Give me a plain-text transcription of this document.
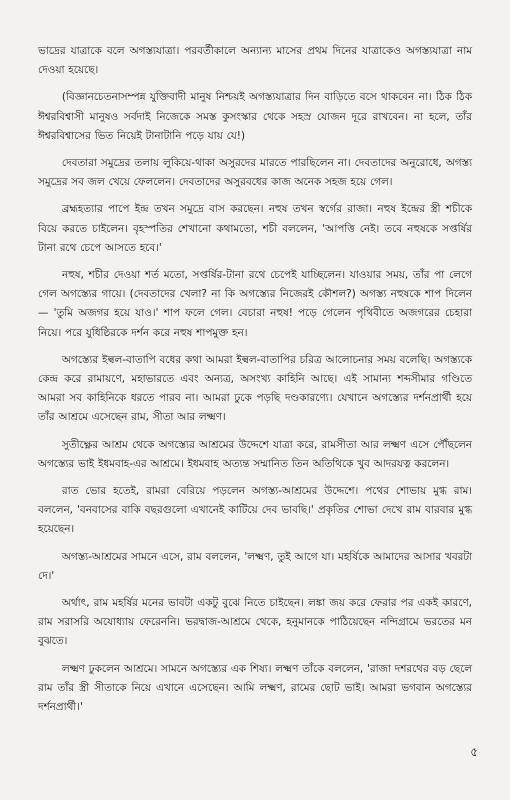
ভাদ্রের যাত্রাকে বলে অগস্ত্যযাত্রা। পরবর্তীকালে অন্যান্য মাসের প্রথম দিনের যাত্রাকেও অগস্ত্যযাত্রা নাম দেওয়া হয়েছে।

(বিজ্ঞানচেতনাসম্পন্ন যুক্তিবাদী মানুষ নিশ্চয়ই অগস্ত্যযাত্রার দিন বাড়িতে বসে থাকবেন না। ঠিক ঠিক ঈশ্বরবিশ্বাসী মানুষও সর্বদাই নিজেকে সমস্ত কুসংস্কার থেকে সহস্র যোজন দূরে রাখবেন। না হলে, তাঁর ঈশ্বরবিশ্বাসের ভিত নিয়েই টানাটানি পড়ে যায় যে!)

দেবতারা সমুদ্রের তলায় লুকিয়ে-থাকা অসুরদের মারতে পারছিলেন না। দেবতাদের অনুরোধে, অগস্ত্য সমুদ্রের সব জল খেয়ে ফেললেন। দেবতাদের অসুরবধের কাজ অনেক সহজ হয়ে গেল।

ব্রহ্মহত্যার পাপে ইন্দ্র তখন সমুদ্রে বাস করছেন। নহুষ তখন স্বর্গের রাজা। নহুষ ইন্দ্রের স্ত্রী শচীকে বিয়ে করতে চাইলেন। বৃহস্পতির শেখানো কথামতো, শচী বললেন, 'আপত্তি নেই। তবে নহুষকে সপ্তর্ষির টানা রথে চেপে আসতে হবে।'

নহুষ, শচীর দেওয়া শর্ত মতো, সপ্তর্ষির-টানা রথে চেপেই যাচ্ছিলেন। যাওয়ার সময়, তাঁর পা লেগে গেল অগস্ত্যের গায়ে। (দেবতাদের খেলা? না কি অগস্ত্যের নিজেরই কৌশল?) অগস্ত্য নহুষকে শাপ দিলেন— 'তুমি অজগর হয়ে যাও।' শাপ ফলে গেল। বেচারা নহুষ! পড়ে গেলেন পৃথিবীতে অজগরের চেহারা নিয়ে। পরে যুধিষ্ঠিরকে দর্শন করে নহুষ শাপমুক্ত হন।

অগস্ত্যের ইল্বল-বাতাপি বধের কথা আমরা ইল্বল-বাতাপির চরিত্র আলোচনার সময় বলেছি। অগস্ত্যকে কেন্দ্র করে রামায়ণে, মহাভারতে এবং অন্যত্র, অসংখ্য কাহিনি আছে। এই সামান্য শব্দসীমার গণ্ডিতে আমরা সব কাহিনিকে ধরতে পারব না। আমরা ঢুকে পড়ছি দণ্ডকারণ্যে। যেখানে অগস্ত্যের দর্শনপ্রার্থী হয়ে তাঁর আশ্রমে এসেছেন রাম, সীতা আর লক্ষ্মণ।

সুতীক্ষ্ণের আশ্রম থেকে অগস্ত্যের আশ্রমের উদ্দেশে যাত্রা করে, রামসীতা আর লক্ষ্মণ এসে পৌঁছলেন অগস্ত্যের ভাই ইধমবাহ-এর আশ্রমে। ইধমবাহ অত্যন্ত সম্মানিত তিন অতিথিকে খুব আদরযত্ন করলেন।

রাত ভোর হতেই, রামরা বেরিয়ে পড়লেন অগস্ত্য-আশ্রমের উদ্দেশে। পথের শোভায় মুগ্ধ রাম। বললেন, 'বনবাসের বাকি বছরগুলো এখানেই কাটিয়ে দেব ভাবছি।' প্রকৃতির শোভা দেখে রাম বারবার মুগ্ধ হয়েছেন।

অগস্ত্য-আশ্রমের সামনে এসে, রাম বললেন, 'লক্ষ্মণ, তুই আগে যা। মহর্ষিকে আমাদের আসার খবরটা দে।'

অর্থাৎ, রাম মহর্ষির মনের ভাবটা একটু বুঝে নিতে চাইছেন। লঙ্কা জয় করে ফেরার পর একই কারণে, রাম সরাসরি অযোধ্যায় ফেরেননি। ভরদ্বাজ-আশ্রমে থেকে, হনুমানকে পাঠিয়েছেন নন্দিগ্রামে ভরতের মন বুঝতে।

লক্ষ্মণ ঢুকলেন আশ্রমে। সামনে অগস্ত্যের এক শিষ্য। লক্ষ্মণ তাঁকে বললেন, 'রাজা দশরথের বড় ছেলে রাম তাঁর স্ত্রী সীতাকে নিয়ে এখানে এসেছেন। আমি লক্ষ্মণ, রামের ছোট ভাই। আমরা ভগবান অগস্ত্যের দর্শনপ্রার্থী।'

৫
